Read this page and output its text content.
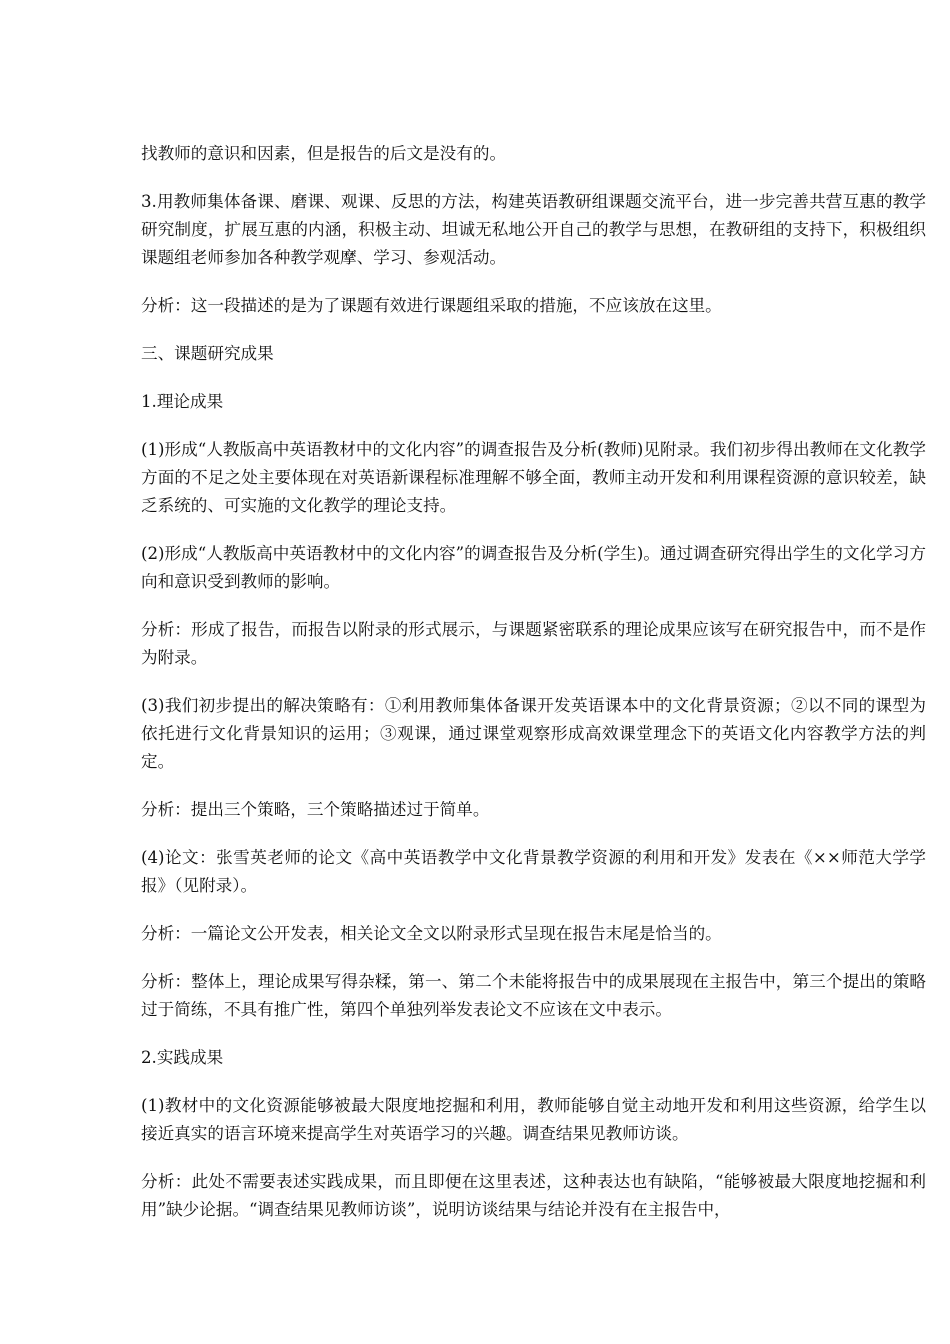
找教师的意识和因素，但是报告的后文是没有的。

3.用教师集体备课、磨课、观课、反思的方法，构建英语教研组课题交流平台，进一步完善共营互惠的教学研究制度，扩展互惠的内涵，积极主动、坦诚无私地公开自己的教学与思想，在教研组的支持下，积极组织课题组老师参加各种教学观摩、学习、参观活动。

分析：这一段描述的是为了课题有效进行课题组采取的措施，不应该放在这里。

三、课题研究成果

1.理论成果

(1)形成“人教版高中英语教材中的文化内容”的调查报告及分析(教师)见附录。我们初步得出教师在文化教学方面的不足之处主要体现在对英语新课程标准理解不够全面，教师主动开发和利用课程资源的意识较差，缺乏系统的、可实施的文化教学的理论支持。

(2)形成“人教版高中英语教材中的文化内容”的调查报告及分析(学生)。通过调查研究得出学生的文化学习方向和意识受到教师的影响。

分析：形成了报告，而报告以附录的形式展示，与课题紧密联系的理论成果应该写在研究报告中，而不是作为附录。

(3)我们初步提出的解决策略有：①利用教师集体备课开发英语课本中的文化背景资源；②以不同的课型为依托进行文化背景知识的运用；③观课，通过课堂观察形成高效课堂理念下的英语文化内容教学方法的判定。

分析：提出三个策略，三个策略描述过于简单。

(4)论文：张雪英老师的论文《高中英语教学中文化背景教学资源的利用和开发》发表在《××师范大学学报》（见附录）。

分析：一篇论文公开发表，相关论文全文以附录形式呈现在报告末尾是恰当的。

分析：整体上，理论成果写得杂糅，第一、第二个未能将报告中的成果展现在主报告中，第三个提出的策略过于简练，不具有推广性，第四个单独列举发表论文不应该在文中表示。

2.实践成果

(1)教材中的文化资源能够被最大限度地挖掘和利用，教师能够自觉主动地开发和利用这些资源，给学生以接近真实的语言环境来提高学生对英语学习的兴趣。调查结果见教师访谈。

分析：此处不需要表述实践成果，而且即便在这里表述，这种表达也有缺陷，“能够被最大限度地挖掘和利用”缺少论据。“调查结果见教师访谈”，说明访谈结果与结论并没有在主报告中，
